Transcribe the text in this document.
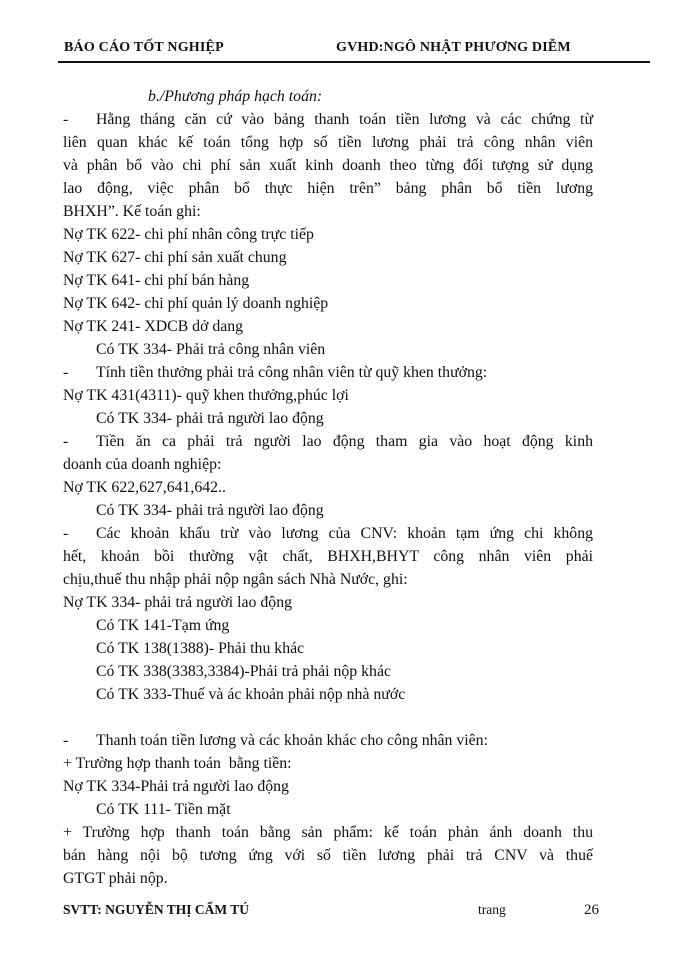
BÁO CÁO TỐT NGHIỆP	GVHD:NGÔ NHẬT PHƯƠNG DIỄM
b./Phương pháp hạch toán:
- Hằng tháng căn cứ vào bảng thanh toán tiền lương và các chứng từ
liên quan khác kế toán tổng hợp số tiền lương phải trả công nhân viên
và phân bổ vào chi phí sản xuất kinh doanh theo từng đối tượng sử dụng
lao động, việc phân bổ thực hiện trên” bảng phân bổ tiền lương
BHXH”. Kế toán ghi:
Nợ TK 622- chi phí nhân công trực tiếp
Nợ TK 627- chi phí sản xuất chung
Nợ TK 641- chi phí bán hàng
Nợ TK 642- chi phí quản lý doanh nghiệp
Nợ TK 241- XDCB dở dang
Có TK 334- Phải trả công nhân viên
- Tính tiền thưởng phải trả công nhân viên từ quỹ khen thưởng:
Nợ TK 431(4311)- quỹ khen thưởng,phúc lợi
Có TK 334- phải trả người lao động
- Tiền ăn ca phải trả người lao động tham gia vào hoạt động kinh
doanh của doanh nghiệp:
Nợ TK 622,627,641,642..
Có TK 334- phải trả người lao động
- Các khoản khấu trừ vào lương của CNV: khoản tạm ứng chi không
hết, khoản bồi thường vật chất, BHXH,BHYT công nhân viên phải
chịu,thuế thu nhập phải nộp ngân sách Nhà Nước, ghi:
Nợ TK 334- phải trả người lao động
Có TK 141-Tạm ứng
Có TK 138(1388)- Phải thu khác
Có TK 338(3383,3384)-Phải trả phải nộp khác
Có TK 333-Thuế và ác khoản phải nộp nhà nước
- Thanh toán tiền lương và các khoản khác cho công nhân viên:
+ Trường hợp thanh toán  bằng tiền:
Nợ TK 334-Phải trả người lao động
Có TK 111- Tiền mặt
+ Trường hợp thanh toán bằng sản phẩm: kế toán phản ánh doanh thu
bán hàng nội bộ tương ứng với số tiền lương phải trả CNV và thuế
GTGT phải nộp.
SVTT: NGUYỄN THỊ CẨM TÚ	trang	26
